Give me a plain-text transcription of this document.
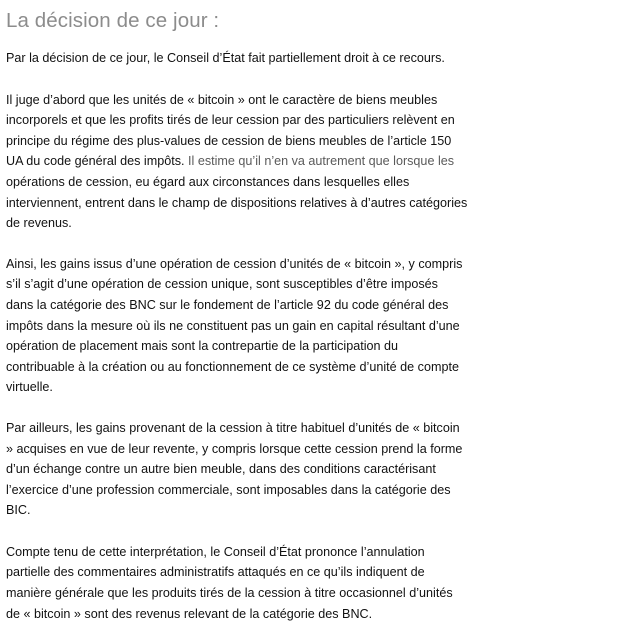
La décision de ce jour :

Par la décision de ce jour, le Conseil d’État fait partiellement droit à ce recours.

Il juge d’abord que les unités de « bitcoin » ont le caractère de biens meubles
incorporels et que les profits tirés de leur cession par des particuliers relèvent en
principe du régime des plus-values de cession de biens meubles de l’article 150
UA du code général des impôts. Il estime qu’il n’en va autrement que lorsque les
opérations de cession, eu égard aux circonstances dans lesquelles elles
interviennent, entrent dans le champ de dispositions relatives à d’autres catégories
de revenus.

Ainsi, les gains issus d’une opération de cession d’unités de « bitcoin », y compris
s’il s’agit d’une opération de cession unique, sont susceptibles d’être imposés
dans la catégorie des BNC sur le fondement de l’article 92 du code général des
impôts dans la mesure où ils ne constituent pas un gain en capital résultant d’une
opération de placement mais sont la contrepartie de la participation du
contribuable à la création ou au fonctionnement de ce système d’unité de compte
virtuelle.

Par ailleurs, les gains provenant de la cession à titre habituel d’unités de « bitcoin
» acquises en vue de leur revente, y compris lorsque cette cession prend la forme
d’un échange contre un autre bien meuble, dans des conditions caractérisant
l’exercice d’une profession commerciale, sont imposables dans la catégorie des
BIC.

Compte tenu de cette interprétation, le Conseil d’État prononce l’annulation
partielle des commentaires administratifs attaqués en ce qu’ils indiquent de
manière générale que les produits tirés de la cession à titre occasionnel d’unités
de « bitcoin » sont des revenus relevant de la catégorie des BNC.
